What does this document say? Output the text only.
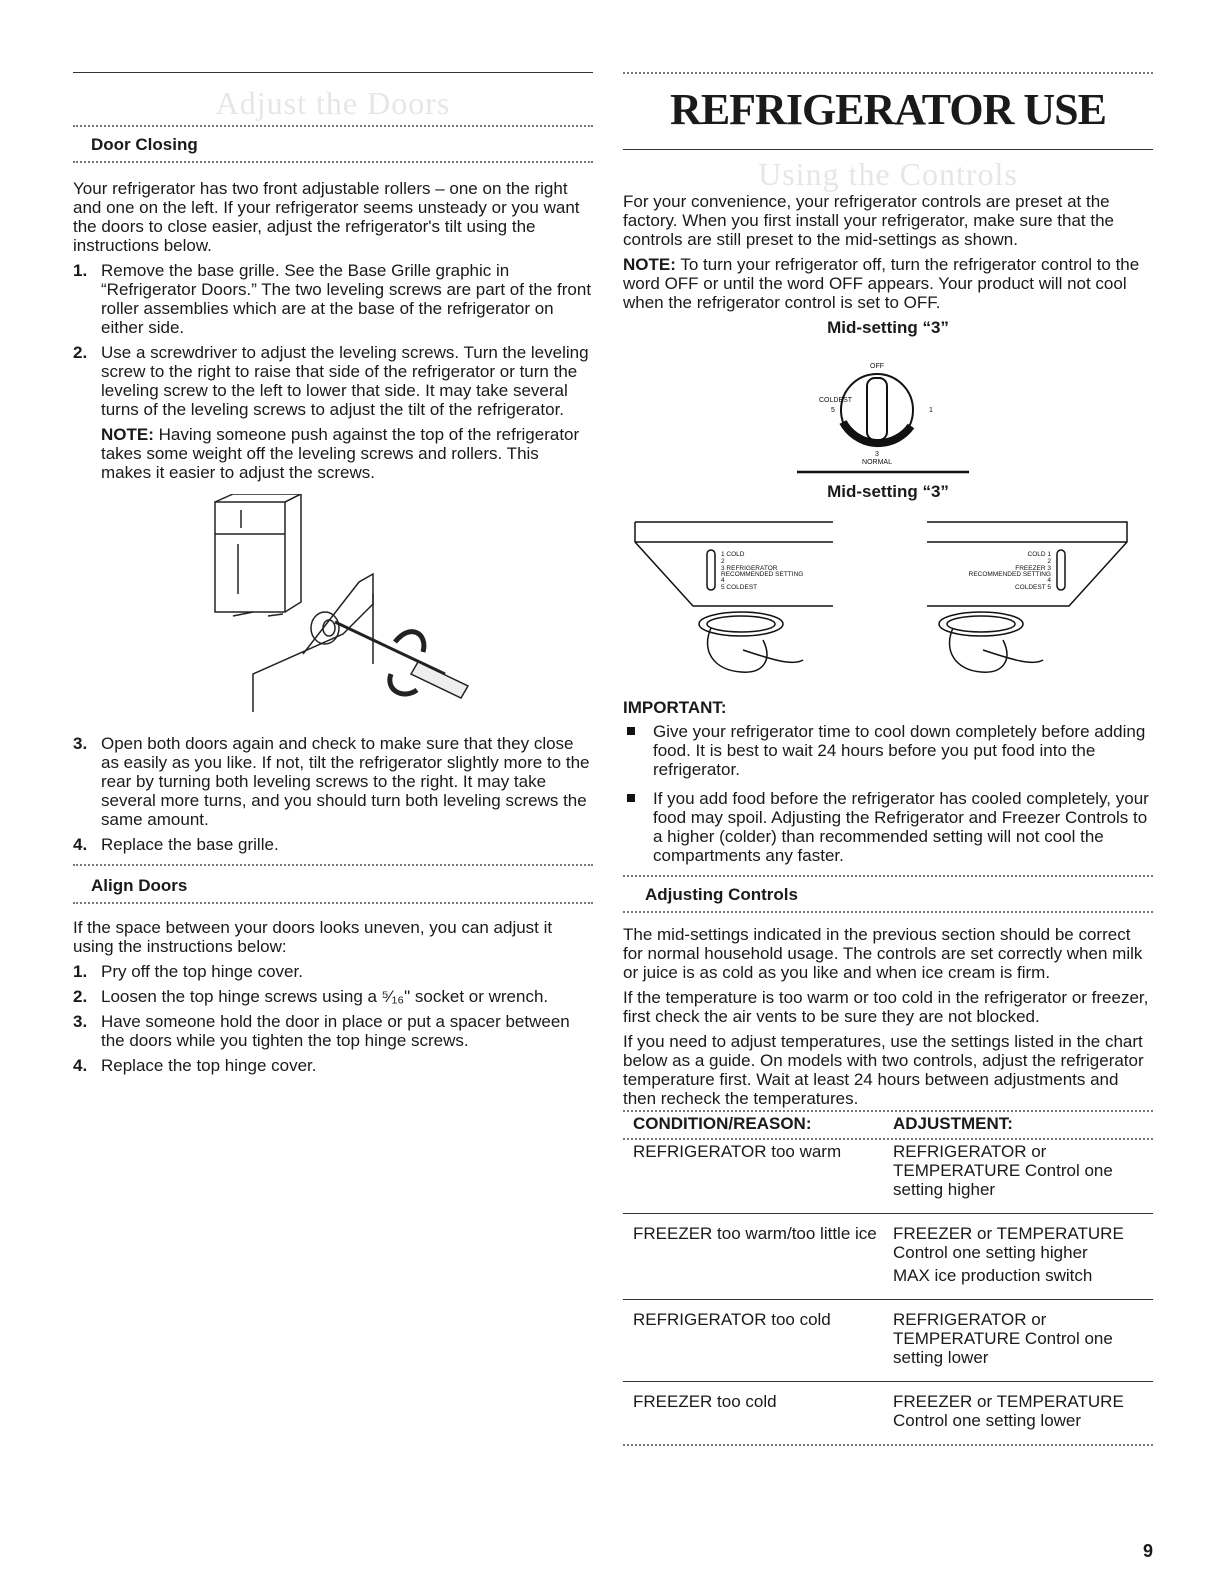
Adjust the Doors
Door Closing

Your refrigerator has two front adjustable rollers – one on the right and one on the left. If your refrigerator seems unsteady or you want the doors to close easier, adjust the refrigerator's tilt using the instructions below.

1. Remove the base grille. See the Base Grille graphic in “Refrigerator Doors.” The two leveling screws are part of the front roller assemblies which are at the base of the refrigerator on either side.
2. Use a screwdriver to adjust the leveling screws. Turn the leveling screw to the right to raise that side of the refrigerator or turn the leveling screw to the left to lower that side. It may take several turns of the leveling screws to adjust the tilt of the refrigerator.
NOTE: Having someone push against the top of the refrigerator takes some weight off the leveling screws and rollers. This makes it easier to adjust the screws.
3. Open both doors again and check to make sure that they close as easily as you like. If not, tilt the refrigerator slightly more to the rear by turning both leveling screws to the right. It may take several more turns, and you should turn both leveling screws the same amount.
4. Replace the base grille.
Align Doors

If the space between your doors looks uneven, you can adjust it using the instructions below:

1. Pry off the top hinge cover.
2. Loosen the top hinge screws using a ⁵⁄₁₆" socket or wrench.
3. Have someone hold the door in place or put a spacer between the doors while you tighten the top hinge screws.
4. Replace the top hinge cover.
REFRIGERATOR USE
Using the Controls

For your convenience, your refrigerator controls are preset at the factory. When you first install your refrigerator, make sure that the controls are still preset to the mid-settings as shown.

NOTE: To turn your refrigerator off, turn the refrigerator control to the word OFF or until the word OFF appears. Your product will not cool when the refrigerator control is set to OFF.

Mid-setting “3”
OFF
COLDEST
5	1
3
NORMAL
Mid-setting “3”
1 COLD
2
3 REFRIGERATOR
RECOMMENDED SETTING
4
5 COLDEST
COLD 1
2
FREEZER 3
RECOMMENDED SETTING
4
COLDEST 5
IMPORTANT:
Give your refrigerator time to cool down completely before adding food. It is best to wait 24 hours before you put food into the refrigerator.
If you add food before the refrigerator has cooled completely, your food may spoil. Adjusting the Refrigerator and Freezer Controls to a higher (colder) than recommended setting will not cool the compartments any faster.
Adjusting Controls

The mid-settings indicated in the previous section should be correct for normal household usage. The controls are set correctly when milk or juice is as cold as you like and when ice cream is firm.

If the temperature is too warm or too cold in the refrigerator or freezer, first check the air vents to be sure they are not blocked.

If you need to adjust temperatures, use the settings listed in the chart below as a guide. On models with two controls, adjust the refrigerator temperature first. Wait at least 24 hours between adjustments and then recheck the temperatures.

CONDITION/REASON:	ADJUSTMENT:

REFRIGERATOR too warm	REFRIGERATOR or TEMPERATURE Control one setting higher
FREEZER too warm/too little ice	FREEZER or TEMPERATURE Control one setting higher
MAX ice production switch

REFRIGERATOR too cold	REFRIGERATOR or TEMPERATURE Control one setting lower
FREEZER too cold	FREEZER or TEMPERATURE Control one setting lower
9
